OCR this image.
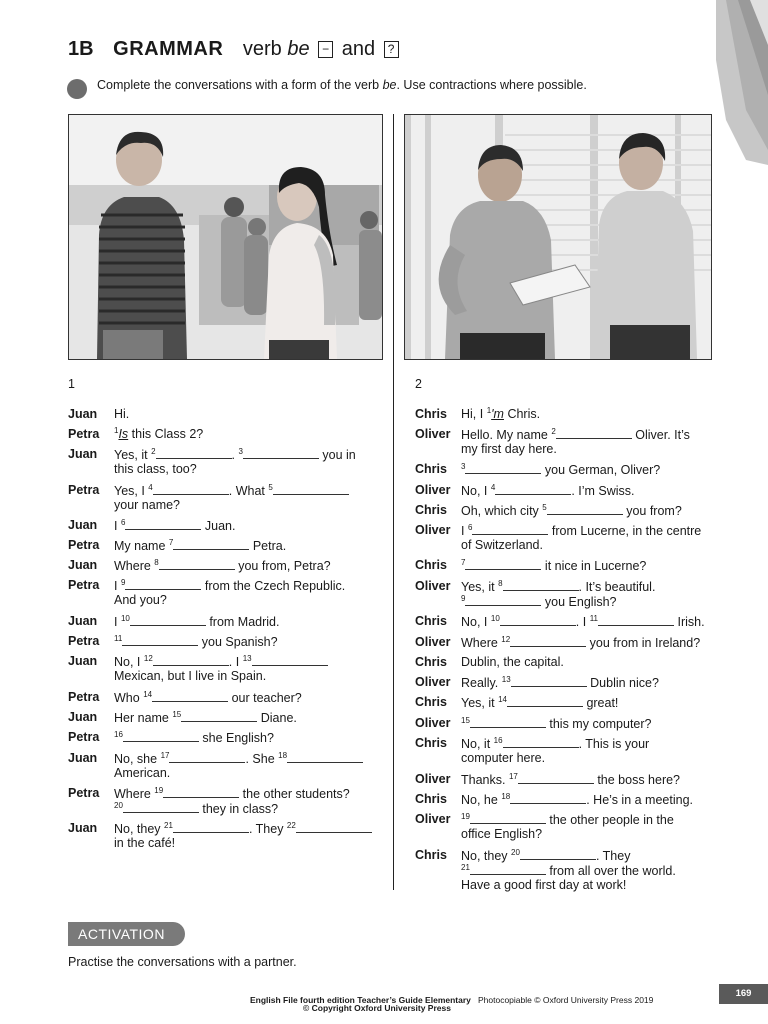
1B GRAMMAR verb be − and ?
Complete the conversations with a form of the verb be. Use contractions where possible.
1	2
ACTIVATION
Practise the conversations with a partner.
English File fourth edition Teacher’s Guide Elementary Photocopiable © Oxford University Press 2019
© Copyright Oxford University Press
169
Juan Hi.
Petra $^1$Is this Class 2?
Juan Yes, it $^2$	. $^3$	you in
this class, too?
Petra Yes, I $^4$	. What $^5$
your name?
Juan I $^6$	Juan.
Petra My name $^7$	Petra.
Juan Where $^8$	you from, Petra?
Petra I $^9$	from the Czech Republic.
And you?
Juan I $^{10}$	from Madrid.
Petra $^{11}$	you Spanish?
Juan No, I $^{12}$	. I $^{13}$
Mexican, but I live in Spain.
Petra Who $^{14}$	our teacher?
Juan Her name $^{15}$	Diane.
Petra $^{16}$	she English?
Juan No, she $^{17}$	. She $^{18}$
American.
Petra Where $^{19}$	the other students?
$^{20}$	they in class?
Juan No, they $^{21}$	. They $^{22}$
in the café!
Chris Hi, I $^1$'m Chris.
Oliver Hello. My name $^2$	Oliver. It’s
my first day here.
Chris $^3$	you German, Oliver?
Oliver No, I $^4$	. I’m Swiss.
Chris Oh, which city $^5$	you from?
Oliver I $^6$	from Lucerne, in the centre
of Switzerland.
Chris $^7$	it nice in Lucerne?
Oliver Yes, it $^8$	. It’s beautiful.
$^9$	you English?
Chris No, I $^{10}$	. I $^{11}$	Irish.
Oliver Where $^{12}$	you from in Ireland?
Chris Dublin, the capital.
Oliver Really. $^{13}$	Dublin nice?
Chris Yes, it $^{14}$	great!
Oliver $^{15}$	this my computer?
Chris No, it $^{16}$	. This is your
computer here.
Oliver Thanks. $^{17}$	the boss here?
Chris No, he $^{18}$	. He’s in a meeting.
Oliver $^{19}$	the other people in the
office English?
Chris No, they $^{20}$	. They
$^{21}$	from all over the world.
Have a good first day at work!
